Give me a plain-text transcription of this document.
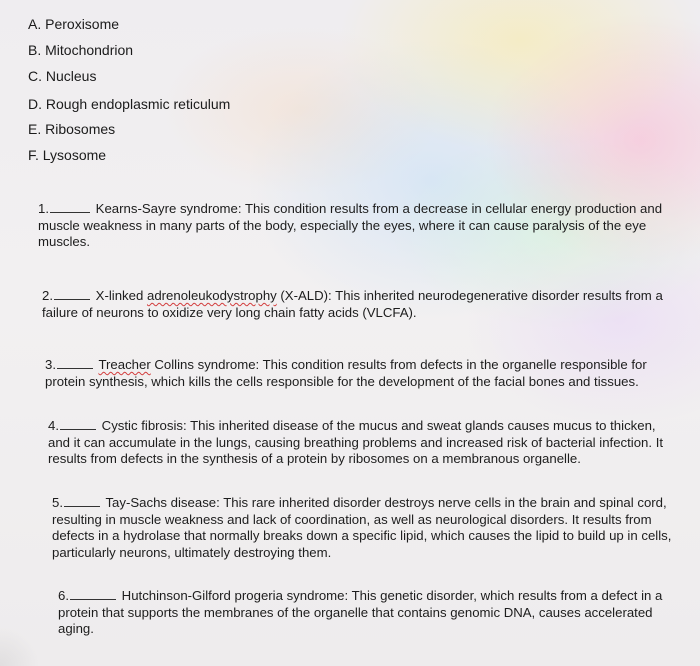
A. Peroxisome
B. Mitochondrion
C. Nucleus
D. Rough endoplasmic reticulum
E. Ribosomes
F. Lysosome
1.	Kearns-Sayre syndrome: This condition results from a decrease in cellular energy production and muscle weakness in many parts of the body, especially the eyes, where it can cause paralysis of the eye muscles.
2.	X-linked adrenoleukodystrophy (X-ALD): This inherited neurodegenerative disorder results from a failure of neurons to oxidize very long chain fatty acids (VLCFA).
3.	Treacher Collins syndrome: This condition results from defects in the organelle responsible for protein synthesis, which kills the cells responsible for the development of the facial bones and tissues.
4.	Cystic fibrosis: This inherited disease of the mucus and sweat glands causes mucus to thicken, and it can accumulate in the lungs, causing breathing problems and increased risk of bacterial infection. It results from defects in the synthesis of a protein by ribosomes on a membranous organelle.
5.	Tay-Sachs disease: This rare inherited disorder destroys nerve cells in the brain and spinal cord, resulting in muscle weakness and lack of coordination, as well as neurological disorders. It results from defects in a hydrolase that normally breaks down a specific lipid, which causes the lipid to build up in cells, particularly neurons, ultimately destroying them.
6.	Hutchinson-Gilford progeria syndrome: This genetic disorder, which results from a defect in a protein that supports the membranes of the organelle that contains genomic DNA, causes accelerated aging.
